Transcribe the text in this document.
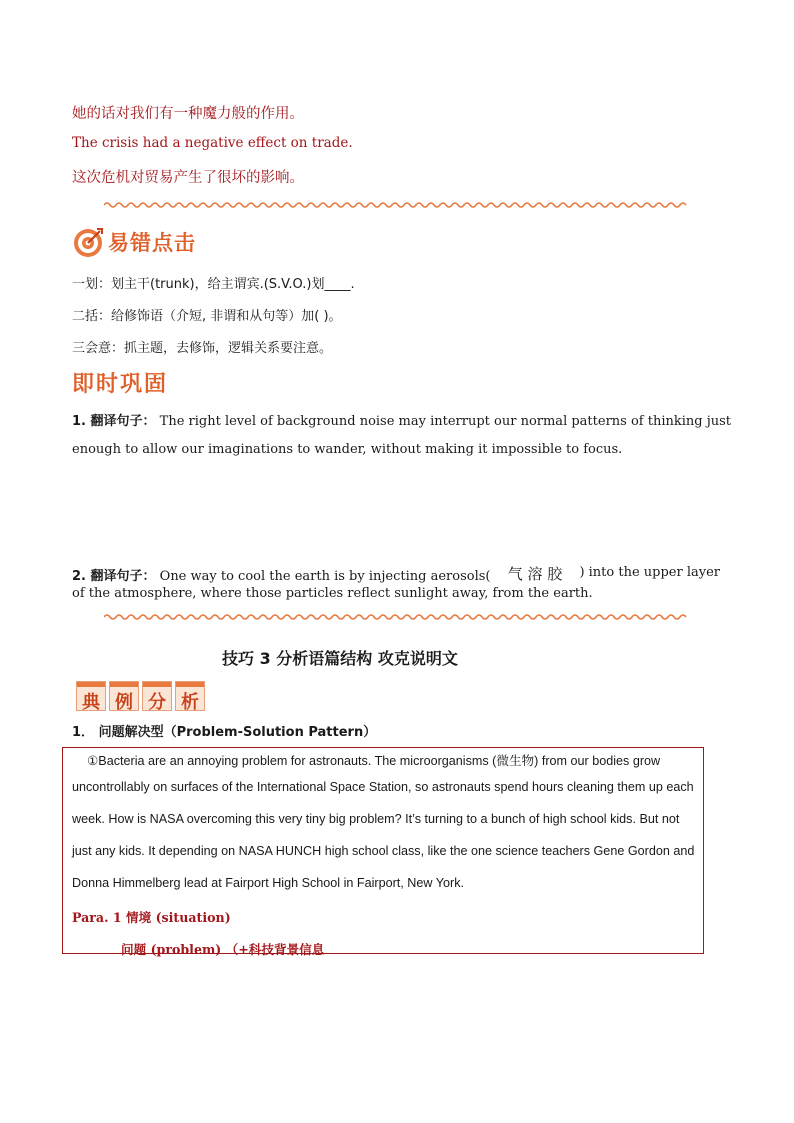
她的话对我们有一种魔力般的作用。
The crisis had a negative effect on trade.
这次危机对贸易产生了很坏的影响。
易错点击
一划：划主干(trunk)，给主谓宾.(S.V.O.)划____.
二括：给修饰语（介短, 非谓和从句等）加( )。
三会意：抓主题，去修饰，逻辑关系要注意。
即时巩固
1. 翻译句子： The right level of background noise may interrupt our normal patterns of thinking just
enough to allow our imaginations to wander, without making it impossible to focus.
2. 翻译句子： One way to cool the earth is by injecting aerosols( 气 溶 胶 ) into the upper layer
of the atmosphere, where those particles reflect sunlight away, from the earth.
技巧 3 分析语篇结构 攻克说明文
典 例 分 析
1． 问题解决型（Problem-Solution Pattern）

①Bacteria are an annoying problem for astronauts. The microorganisms (微生物) from our bodies grow

uncontrollably on surfaces of the International Space Station, so astronauts spend hours cleaning them up each

week. How is NASA overcoming this very tiny big problem? It’s turning to a bunch of high school kids. But not

just any kids. It depending on NASA HUNCH high school class, like the one science teachers Gene Gordon and

Donna Himmelberg lead at Fairport High School in Fairport, New York.

Para. 1 情境 (situation)

问题 (problem) （+科技背景信息
